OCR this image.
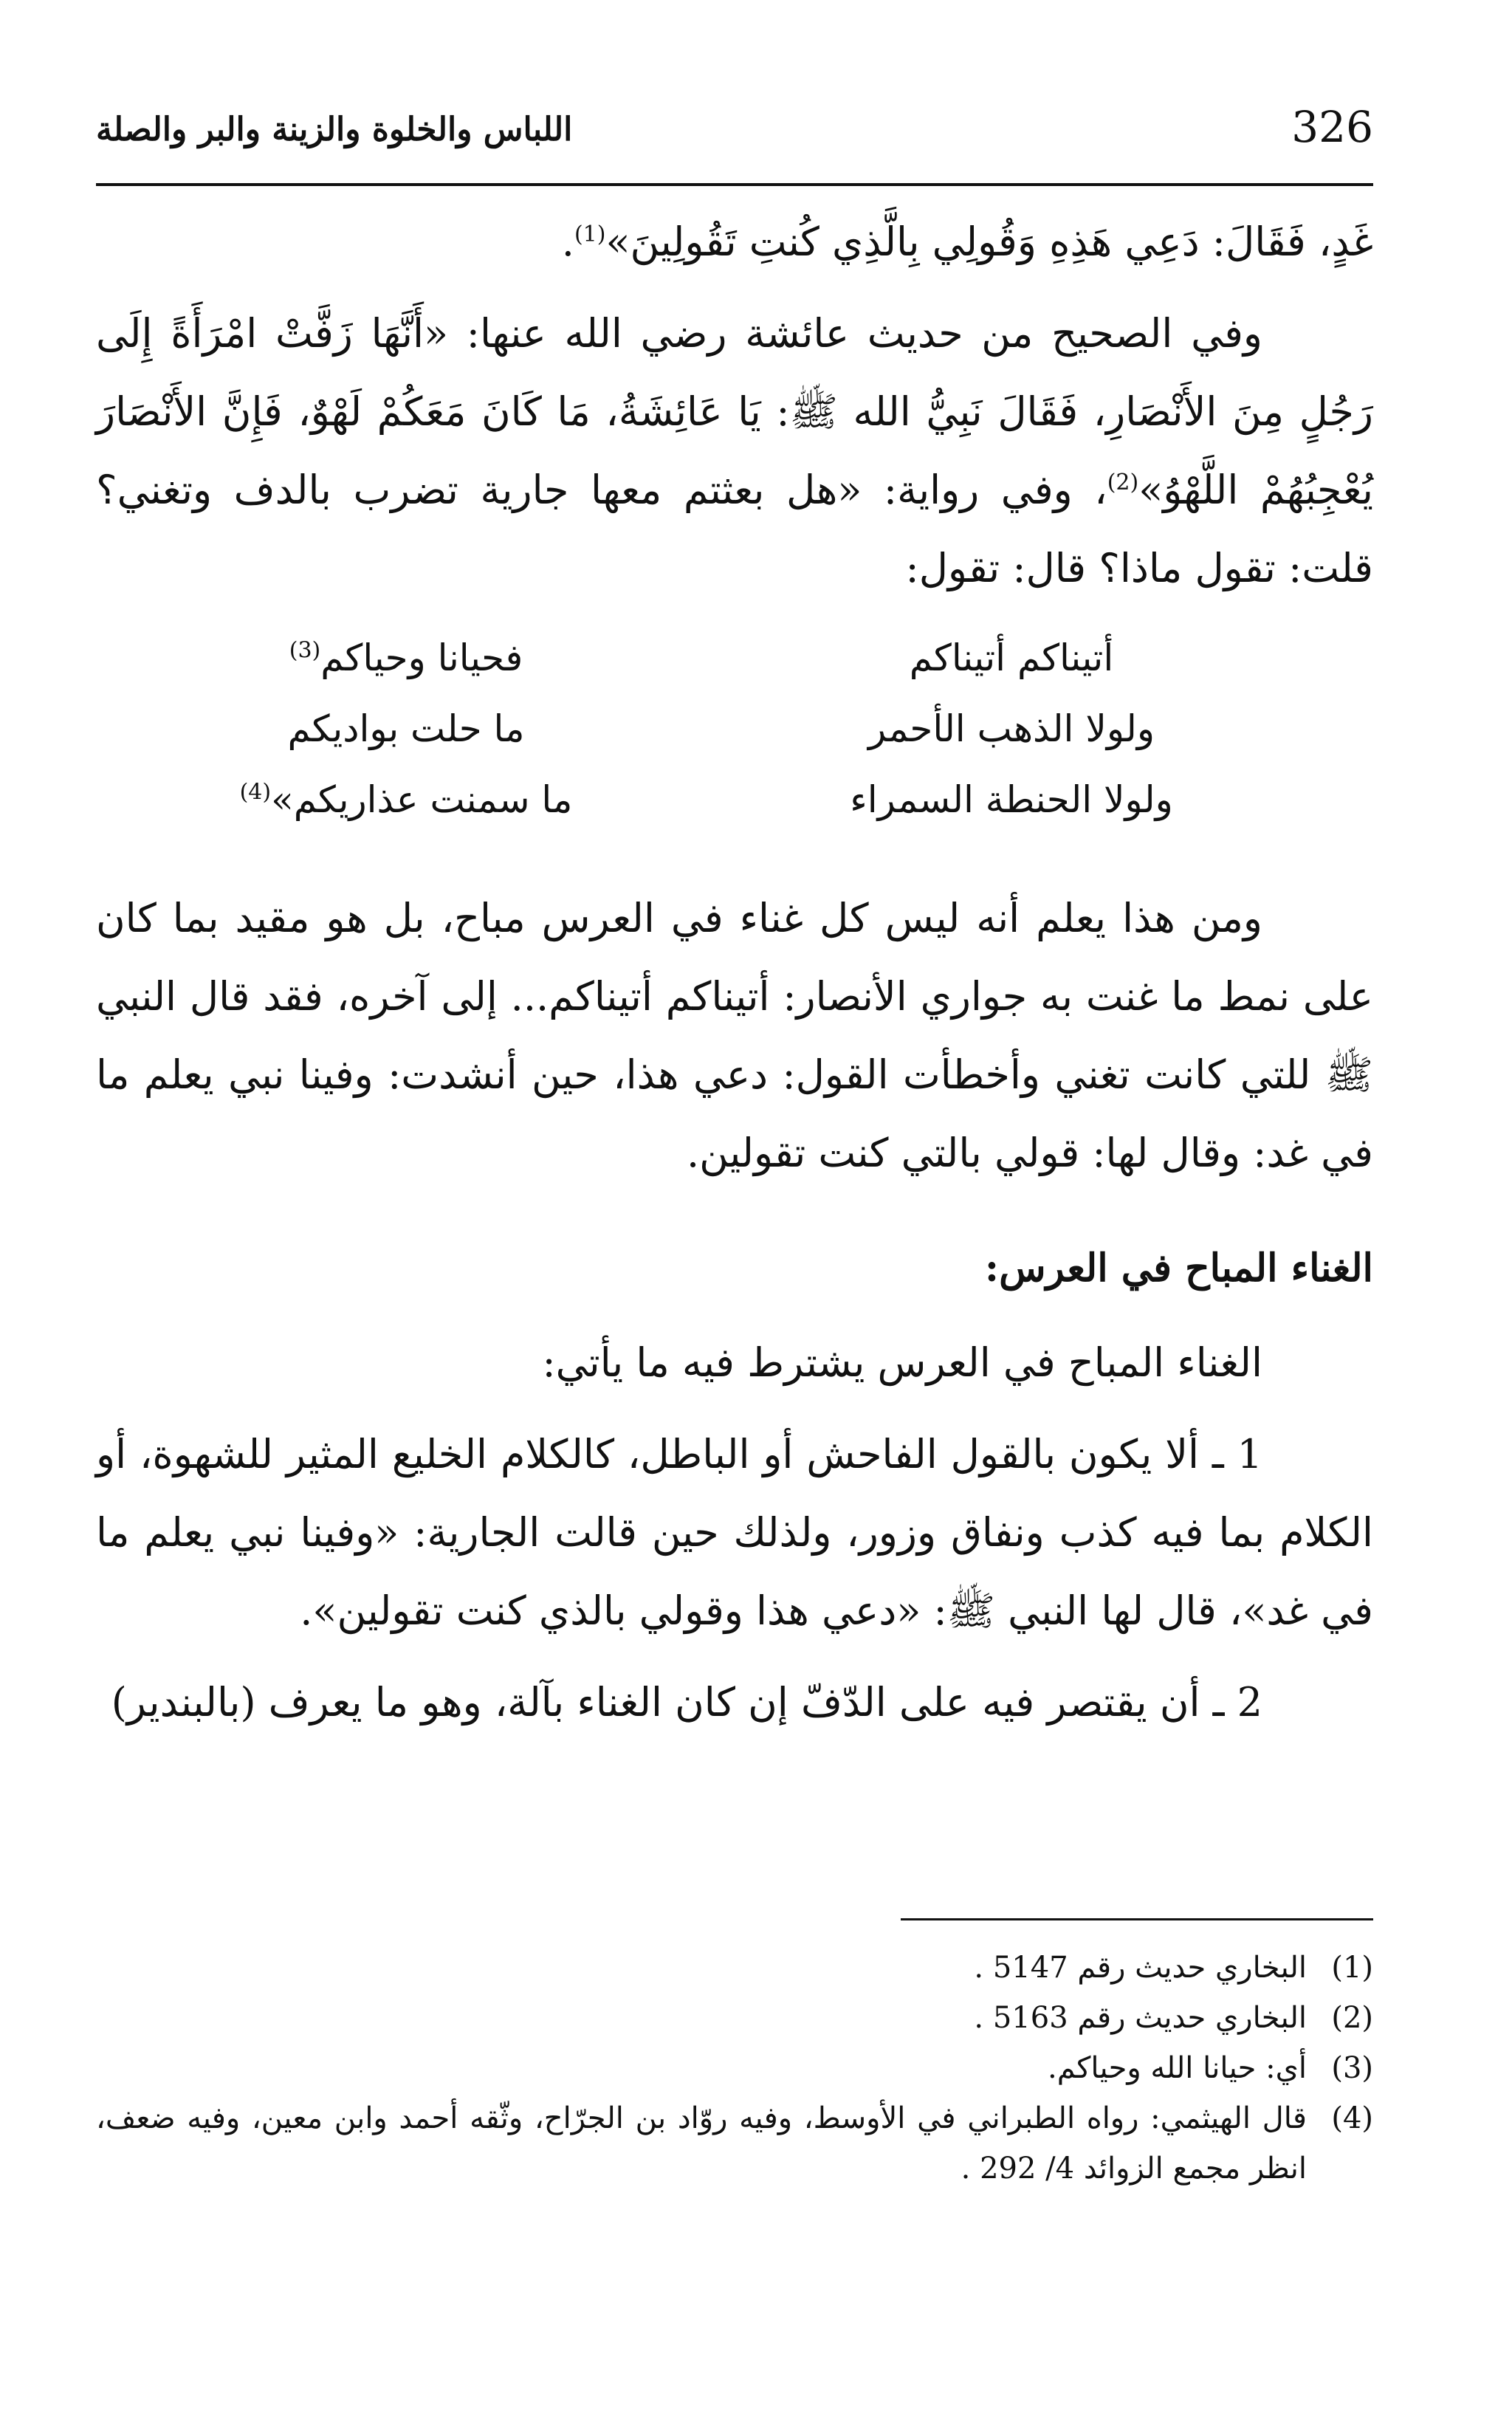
326
اللباس والخلوة والزينة والبر والصلة

غَدٍ، فَقَالَ: دَعِي هَذِهِ وَقُولِي بِالَّذِي كُنتِ تَقُولِينَ»$^{(1)}$.

وفي الصحيح من حديث عائشة رضي الله عنها: «أَنَّهَا زَفَّتْ امْرَأَةً إِلَى رَجُلٍ مِنَ الأَنْصَارِ، فَقَالَ نَبِيُّ الله ﷺ: يَا عَائِشَةُ، مَا كَانَ مَعَكُمْ لَهْوٌ، فَإِنَّ الأَنْصَارَ يُعْجِبُهُمْ اللَّهْوُ»$^{(2)}$، وفي رواية: «هل بعثتم معها جارية تضرب بالدف وتغني؟ قلت: تقول ماذا؟ قال: تقول:

أتيناكم أتيناكم
فحيانا وحياكم$^{(3)}$
ولولا الذهب الأحمر
ما حلت بواديكم
ولولا الحنطة السمراء
ما سمنت عذاريكم»$^{(4)}$

ومن هذا يعلم أنه ليس كل غناء في العرس مباح، بل هو مقيد بما كان على نمط ما غنت به جواري الأنصار: أتيناكم أتيناكم... إلى آخره، فقد قال النبي ﷺ للتي كانت تغني وأخطأت القول: دعي هذا، حين أنشدت: وفينا نبي يعلم ما في غد: وقال لها: قولي بالتي كنت تقولين.

الغناء المباح في العرس:

الغناء المباح في العرس يشترط فيه ما يأتي:

1 ـ ألا يكون بالقول الفاحش أو الباطل، كالكلام الخليع المثير للشهوة، أو الكلام بما فيه كذب ونفاق وزور، ولذلك حين قالت الجارية: «وفينا نبي يعلم ما في غد»، قال لها النبي ﷺ: «دعي هذا وقولي بالذي كنت تقولين».

2 ـ أن يقتصر فيه على الدّفّ إن كان الغناء بآلة، وهو ما يعرف (بالبندير)

(1)
البخاري حديث رقم 5147 .
(2)
البخاري حديث رقم 5163 .
(3)
أي: حيانا الله وحياكم.
(4)
قال الهيثمي: رواه الطبراني في الأوسط، وفيه روّاد بن الجرّاح، وثّقه أحمد وابن معين، وفيه ضعف، انظر مجمع الزوائد 4/ 292 .
